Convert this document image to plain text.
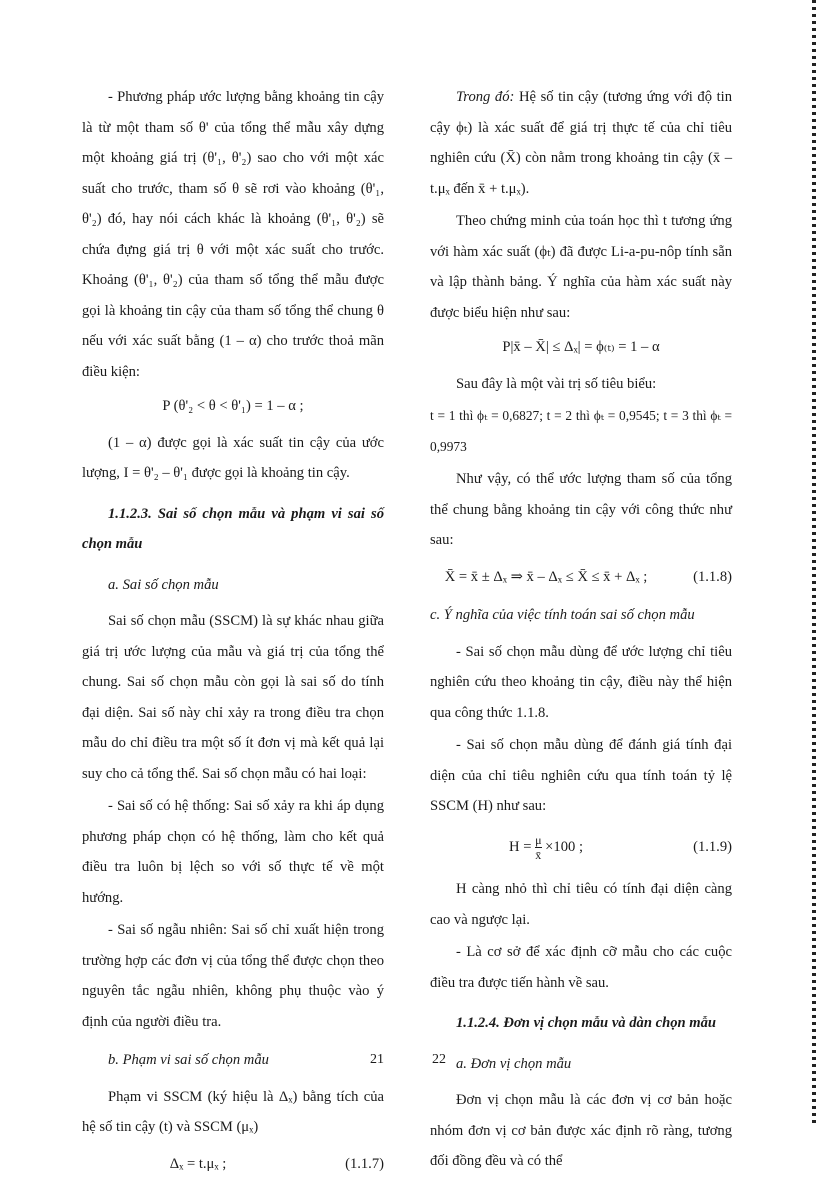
- Phương pháp ước lượng bằng khoảng tin cậy là từ một tham số θ' của tổng thể mẫu xây dựng một khoảng giá trị (θ'₁, θ'₂) sao cho với một xác suất cho trước, tham số θ sẽ rơi vào khoảng (θ'₁, θ'₂) đó, hay nói cách khác là khoảng (θ'₁, θ'₂) sẽ chứa đựng giá trị θ với một xác suất cho trước. Khoảng (θ'₁, θ'₂) của tham số tổng thể mẫu được gọi là khoảng tin cậy của tham số tổng thể chung θ nếu với xác suất bằng (1 – α) cho trước thoả mãn điều kiện:

P (θ'₂ < θ < θ'₁) = 1 – α ;

(1 – α) được gọi là xác suất tin cậy của ước lượng, I = θ'₂ – θ'₁ được gọi là khoảng tin cậy.

1.1.2.3. Sai số chọn mẫu và phạm vi sai số chọn mẫu

a. Sai số chọn mẫu

Sai số chọn mẫu (SSCM) là sự khác nhau giữa giá trị ước lượng của mẫu và giá trị của tổng thể chung. Sai số chọn mẫu còn gọi là sai số do tính đại diện. Sai số này chỉ xảy ra trong điều tra chọn mẫu do chỉ điều tra một số ít đơn vị mà kết quả lại suy cho cả tổng thể. Sai số chọn mẫu có hai loại:

- Sai số có hệ thống: Sai số xảy ra khi áp dụng phương pháp chọn có hệ thống, làm cho kết quả điều tra luôn bị lệch so với số thực tế về một hướng.

- Sai số ngẫu nhiên: Sai số chỉ xuất hiện trong trường hợp các đơn vị của tổng thể được chọn theo nguyên tắc ngẫu nhiên, không phụ thuộc vào ý định của người điều tra.

b. Phạm vi sai số chọn mẫu

Phạm vi SSCM (ký hiệu là Δₓ) bằng tích của hệ số tin cậy (t) và SSCM (μₓ)

Δₓ = t.μₓ ;	(1.1.7)

Trong đó: Hệ số tin cậy (tương ứng với độ tin cậy ϕₜ) là xác suất để giá trị thực tế của chỉ tiêu nghiên cứu (X̄) còn nằm trong khoảng tin cậy (x̄ – t.μₓ đến x̄ + t.μₓ).

Theo chứng minh của toán học thì t tương ứng với hàm xác suất (ϕₜ) đã được Li-a-pu-nôp tính sẵn và lập thành bảng. Ý nghĩa của hàm xác suất này được biểu hiện như sau:

P|x̄ – X̄| ≤ Δₓ| = ϕ₍ₜ₎ = 1 – α

Sau đây là một vài trị số tiêu biểu:

t = 1 thì ϕₜ = 0,6827; t = 2 thì ϕₜ = 0,9545; t = 3 thì ϕₜ = 0,9973

Như vậy, có thể ước lượng tham số của tổng thể chung bằng khoảng tin cậy với công thức như sau:

X̄ = x̄ ± Δₓ ⇒ x̄ – Δₓ ≤ X̄ ≤ x̄ + Δₓ ;	(1.1.8)

c. Ý nghĩa của việc tính toán sai số chọn mẫu

- Sai số chọn mẫu dùng để ước lượng chỉ tiêu nghiên cứu theo khoảng tin cậy, điều này thể hiện qua công thức 1.1.8.

- Sai số chọn mẫu dùng để đánh giá tính đại diện của chỉ tiêu nghiên cứu qua tính toán tỷ lệ SSCM (H) như sau:

$H = \frac{\mu}{x̄} \times 100$ ;	(1.1.9)

H càng nhỏ thì chỉ tiêu có tính đại diện càng cao và ngược lại.

- Là cơ sở để xác định cỡ mẫu cho các cuộc điều tra được tiến hành về sau.

1.1.2.4. Đơn vị chọn mẫu và dàn chọn mẫu

a. Đơn vị chọn mẫu

Đơn vị chọn mẫu là các đơn vị cơ bản hoặc nhóm đơn vị cơ bản được xác định rõ ràng, tương đối đồng đều và có thể

21	22
